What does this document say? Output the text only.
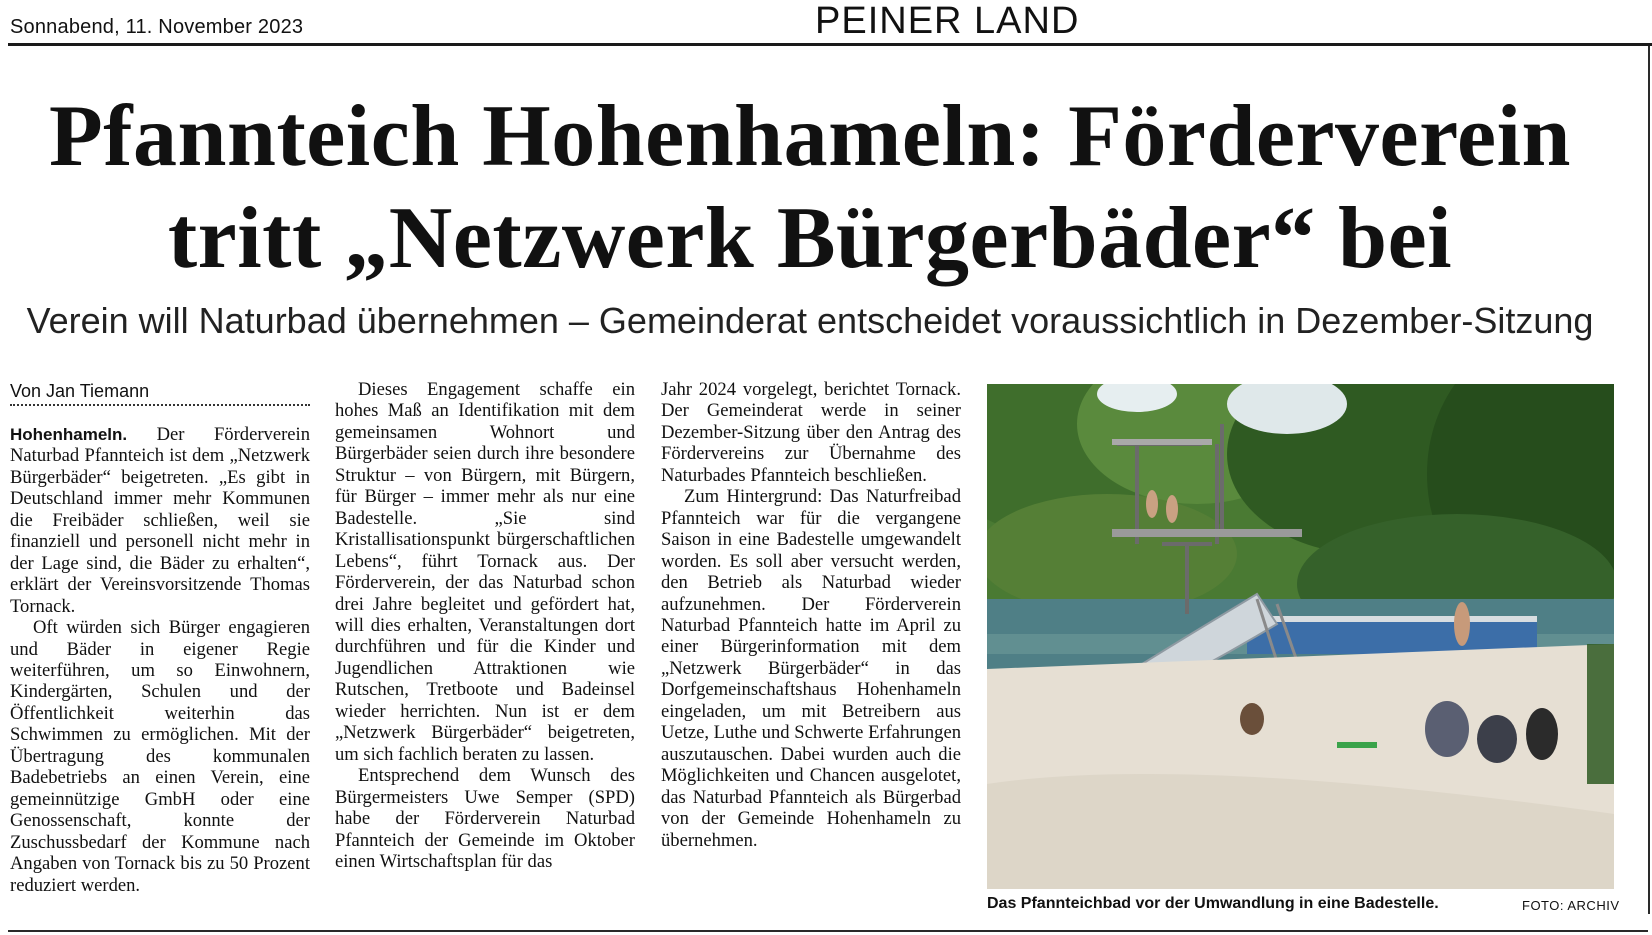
Sonnabend, 11. November 2023	PEINER LAND
Pfannteich Hohenhameln: Förderverein
tritt „Netzwerk Bürgerbäder“ bei
Verein will Naturbad übernehmen – Gemeinderat entscheidet voraussichtlich in Dezember-Sitzung
Von Jan Tiemann

Hohenhameln. Der Förderverein Naturbad Pfannteich ist dem „Netzwerk Bürgerbäder“ beigetreten. „Es gibt in Deutschland immer mehr Kommunen die Freibäder schließen, weil sie finanziell und personell nicht mehr in der Lage sind, die Bäder zu erhalten“, erklärt der Vereinsvorsitzende Thomas Tornack.

Oft würden sich Bürger engagieren und Bäder in eigener Regie weiterführen, um so Einwohnern, Kindergärten, Schulen und der Öffentlichkeit weiterhin das Schwimmen zu ermöglichen. Mit der Übertragung des kommunalen Badebetriebs an einen Verein, eine gemeinnützige GmbH oder eine Genossenschaft, konnte der Zuschussbedarf der Kommune nach Angaben von Tornack bis zu 50 Prozent reduziert werden.

Dieses Engagement schaffe ein hohes Maß an Identifikation mit dem gemeinsamen Wohnort und Bürgerbäder seien durch ihre besondere Struktur – von Bürgern, mit Bürgern, für Bürger – immer mehr als nur eine Badestelle. „Sie sind Kristallisationspunkt bürgerschaftlichen Lebens“, führt Tornack aus. Der Förderverein, der das Naturbad schon drei Jahre begleitet und gefördert hat, will dies erhalten, Veranstaltungen dort durchführen und für die Kinder und Jugendlichen Attraktionen wie Rutschen, Tretboote und Badeinsel wieder herrichten. Nun ist er dem „Netzwerk Bürgerbäder“ beigetreten, um sich fachlich beraten zu lassen.

Entsprechend dem Wunsch des Bürgermeisters Uwe Semper (SPD) habe der Förderverein Naturbad Pfannteich der Gemeinde im Oktober einen Wirtschaftsplan für das

Jahr 2024 vorgelegt, berichtet Tornack. Der Gemeinderat werde in seiner Dezember-Sitzung über den Antrag des Fördervereins zur Übernahme des Naturbades Pfannteich beschließen.

Zum Hintergrund: Das Naturfreibad Pfannteich war für die vergangene Saison in eine Badestelle umgewandelt worden. Es soll aber versucht werden, den Betrieb als Naturbad wieder aufzunehmen. Der Förderverein Naturbad Pfannteich hatte im April zu einer Bürgerinformation mit dem „Netzwerk Bürgerbäder“ in das Dorfgemeinschaftshaus Hohenhameln eingeladen, um mit Betreibern aus Uetze, Luthe und Schwerte Erfahrungen auszutauschen. Dabei wurden auch die Möglichkeiten und Chancen ausgelotet, das Naturbad Pfannteich als Bürgerbad von der Gemeinde Hohenhameln zu übernehmen.

Das Pfannteichbad vor der Umwandlung in eine Badestelle.	FOTO: ARCHIV
